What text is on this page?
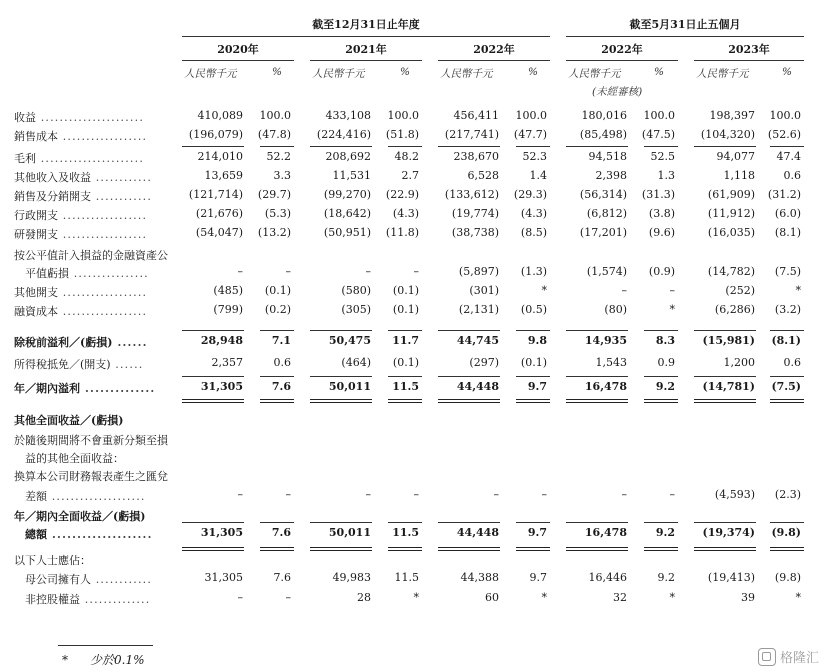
截至12月31日止年度	截至5月31日止五個月
2020年	2021年	2022年	2022年	2023年
人民幣千元	%	人民幣千元	%	人民幣千元	%	人民幣千元	%	人民幣千元	%
(未經審核)
收益 ......................	410,089	100.0	433,108	100.0	456,411	100.0	180,016	100.0	198,397	100.0
銷售成本 ..................	(196,079)	(47.8)	(224,416)	(51.8)	(217,741)	(47.7)	(85,498)	(47.5)	(104,320)	(52.6)
毛利 ......................	214,010	52.2	208,692	48.2	238,670	52.3	94,518	52.5	94,077	47.4
其他收入及收益 ............	13,659	3.3	11,531	2.7	6,528	1.4	2,398	1.3	1,118	0.6
銷售及分銷開支 ............	(121,714)	(29.7)	(99,270)	(22.9)	(133,612)	(29.3)	(56,314)	(31.3)	(61,909)	(31.2)
行政開支 ..................	(21,676)	(5.3)	(18,642)	(4.3)	(19,774)	(4.3)	(6,812)	(3.8)	(11,912)	(6.0)
研發開支 ..................	(54,047)	(13.2)	(50,951)	(11.8)	(38,738)	(8.5)	(17,201)	(9.6)	(16,035)	(8.1)
按公平值計入損益的金融資產公
　平值虧損 ................	–	–	–	–	(5,897)	(1.3)	(1,574)	(0.9)	(14,782)	(7.5)
其他開支 ..................	(485)	(0.1)	(580)	(0.1)	(301)	*	–	–	(252)	*
融資成本 ..................	(799)	(0.2)	(305)	(0.1)	(2,131)	(0.5)	(80)	*	(6,286)	(3.2)
除稅前溢利／(虧損) ......	28,948	7.1	50,475	11.7	44,745	9.8	14,935	8.3	(15,981)	(8.1)
所得稅抵免／(開支) ......	2,357	0.6	(464)	(0.1)	(297)	(0.1)	1,543	0.9	1,200	0.6
年／期內溢利 ..............	31,305	7.6	50,011	11.5	44,448	9.7	16,478	9.2	(14,781)	(7.5)
其他全面收益／(虧損)
於隨後期間將不會重新分類至損
　益的其他全面收益：
換算本公司財務報表產生之匯兌
　差額 ....................	–	–	–	–	–	–	–	–	(4,593)	(2.3)
年／期內全面收益／(虧損)
　總額 ....................	31,305	7.6	50,011	11.5	44,448	9.7	16,478	9.2	(19,374)	(9.8)
以下人士應佔：
　母公司擁有人 ............	31,305	7.6	49,983	11.5	44,388	9.7	16,446	9.2	(19,413)	(9.8)
　非控股權益 ..............	–	–	28	*	60	*	32	*	39	*
* 少於0.1%	格隆汇
